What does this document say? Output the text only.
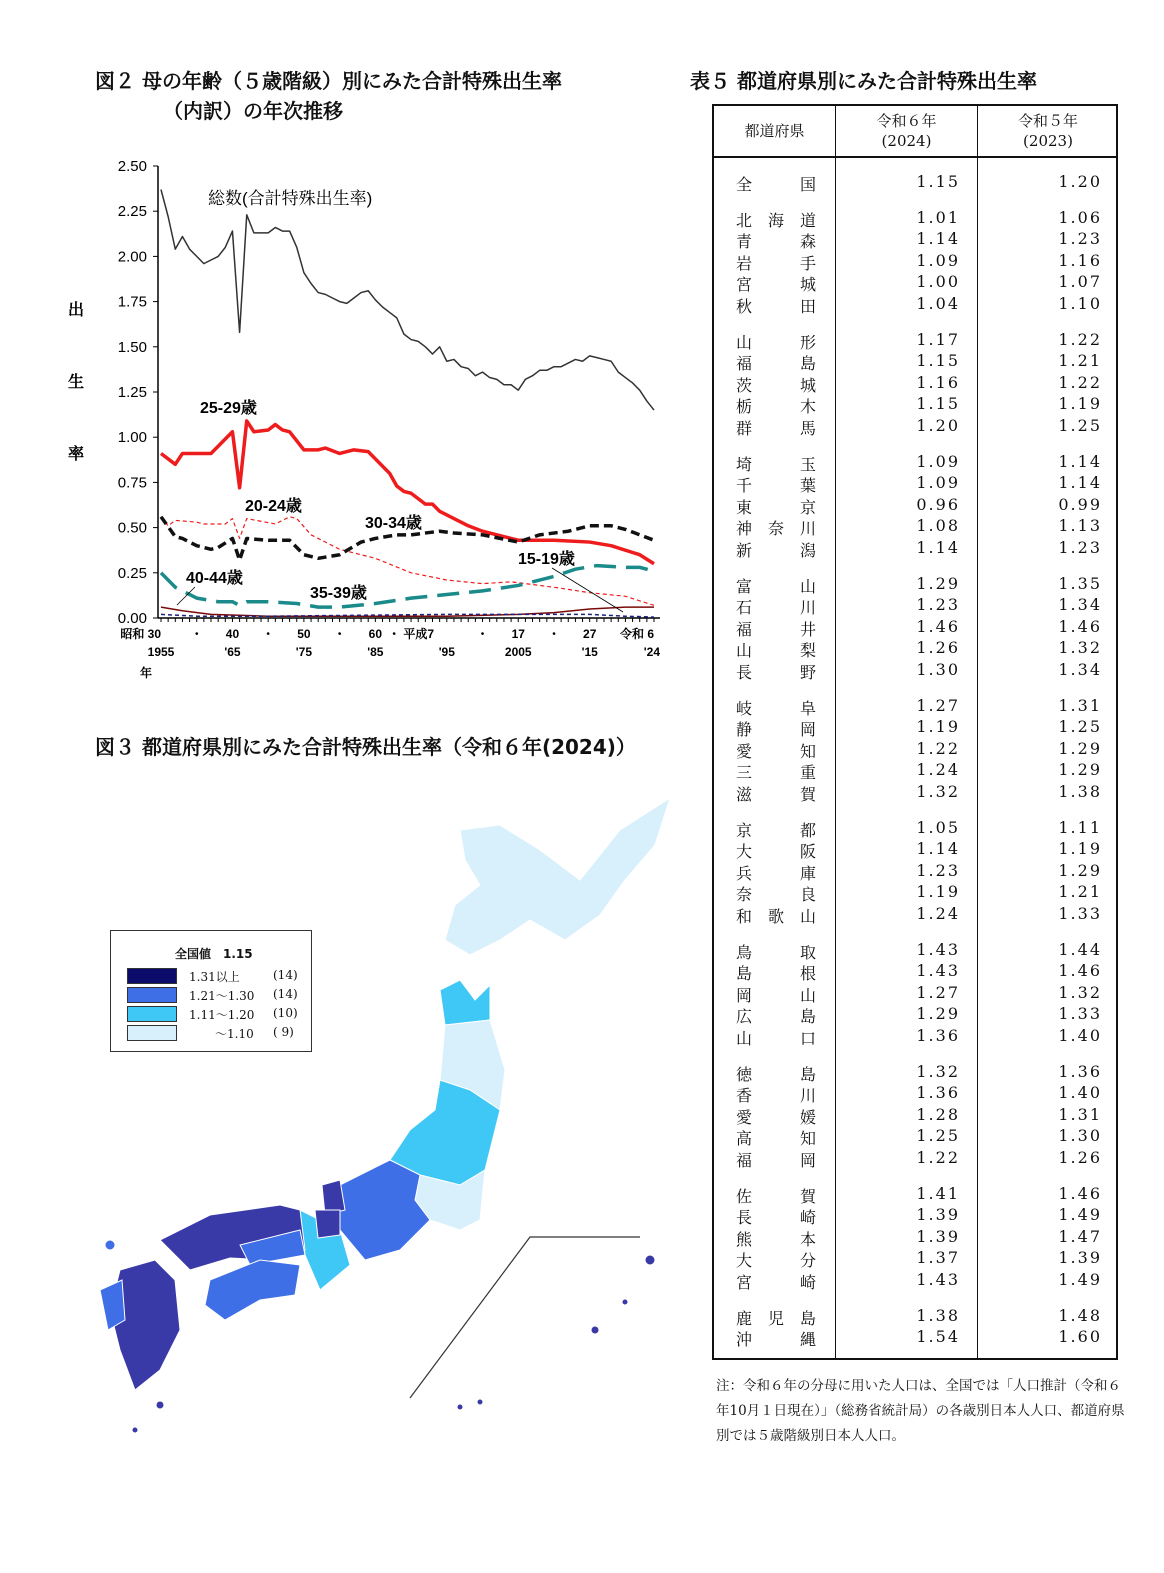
図２ 母の年齢（５歳階級）別にみた合計特殊出生率
（内訳）の年次推移
0.00
0.25
0.50
0.75
1.00
1.25
1.50
1.75
2.00
2.25
2.50
昭和 30
1955
・ 40
'65
・ 50
'75
・ 60
'85
・ 平成7
'95
・ 17
2005
・ 27
'15
令和 6
'24
年
出
生
率
総数(合計特殊出生率)
25-29歳
20-24歳
30-34歳
15-19歳
40-44歳
35-39歳
図３ 都道府県別にみた合計特殊出生率（令和６年(2024)）
全国値　1.15
1.31以上	(14)
1.21～1.30 (14)
1.11～1.20 (10)
～1.10 ( 9)
表５ 都道府県別にみた合計特殊出生率
都道府県
令和６年
(2024)
令和５年
(2023)
全　国	1.15	1.20
北海道	1.01	1.06
青森	1.14	1.23
岩手	1.09	1.16
宮城	1.00	1.07
秋田	1.04	1.10
山形	1.17	1.22
福島	1.15	1.21
茨城	1.16	1.22
栃木	1.15	1.19
群馬	1.20	1.25
埼玉	1.09	1.14
千葉	1.09	1.14
東京	0.96	0.99
神奈川	1.08	1.13
新潟	1.14	1.23
富山	1.29	1.35
石川	1.23	1.34
福井	1.46	1.46
山梨	1.26	1.32
長野	1.30	1.34
岐阜	1.27	1.31
静岡	1.19	1.25
愛知	1.22	1.29
三重	1.24	1.29
滋賀	1.32	1.38
京都	1.05	1.11
大阪	1.14	1.19
兵庫	1.23	1.29
奈良	1.19	1.21
和歌山	1.24	1.33
鳥取	1.43	1.44
島根	1.43	1.46
岡山	1.27	1.32
広島	1.29	1.33
山口	1.36	1.40
徳島	1.32	1.36
香川	1.36	1.40
愛媛	1.28	1.31
高知	1.25	1.30
福岡	1.22	1.26
佐賀	1.41	1.46
長崎	1.39	1.49
熊本	1.39	1.47
大分	1.37	1.39
宮崎	1.43	1.49
鹿児島	1.38	1.48
沖縄	1.54	1.60
注：令和６年の分母に用いた人口は、全国では「人口推計（令和６年10月１日現在）」（総務省統計局）の各歳別日本人人口、都道府県別では５歳階級別日本人人口。
